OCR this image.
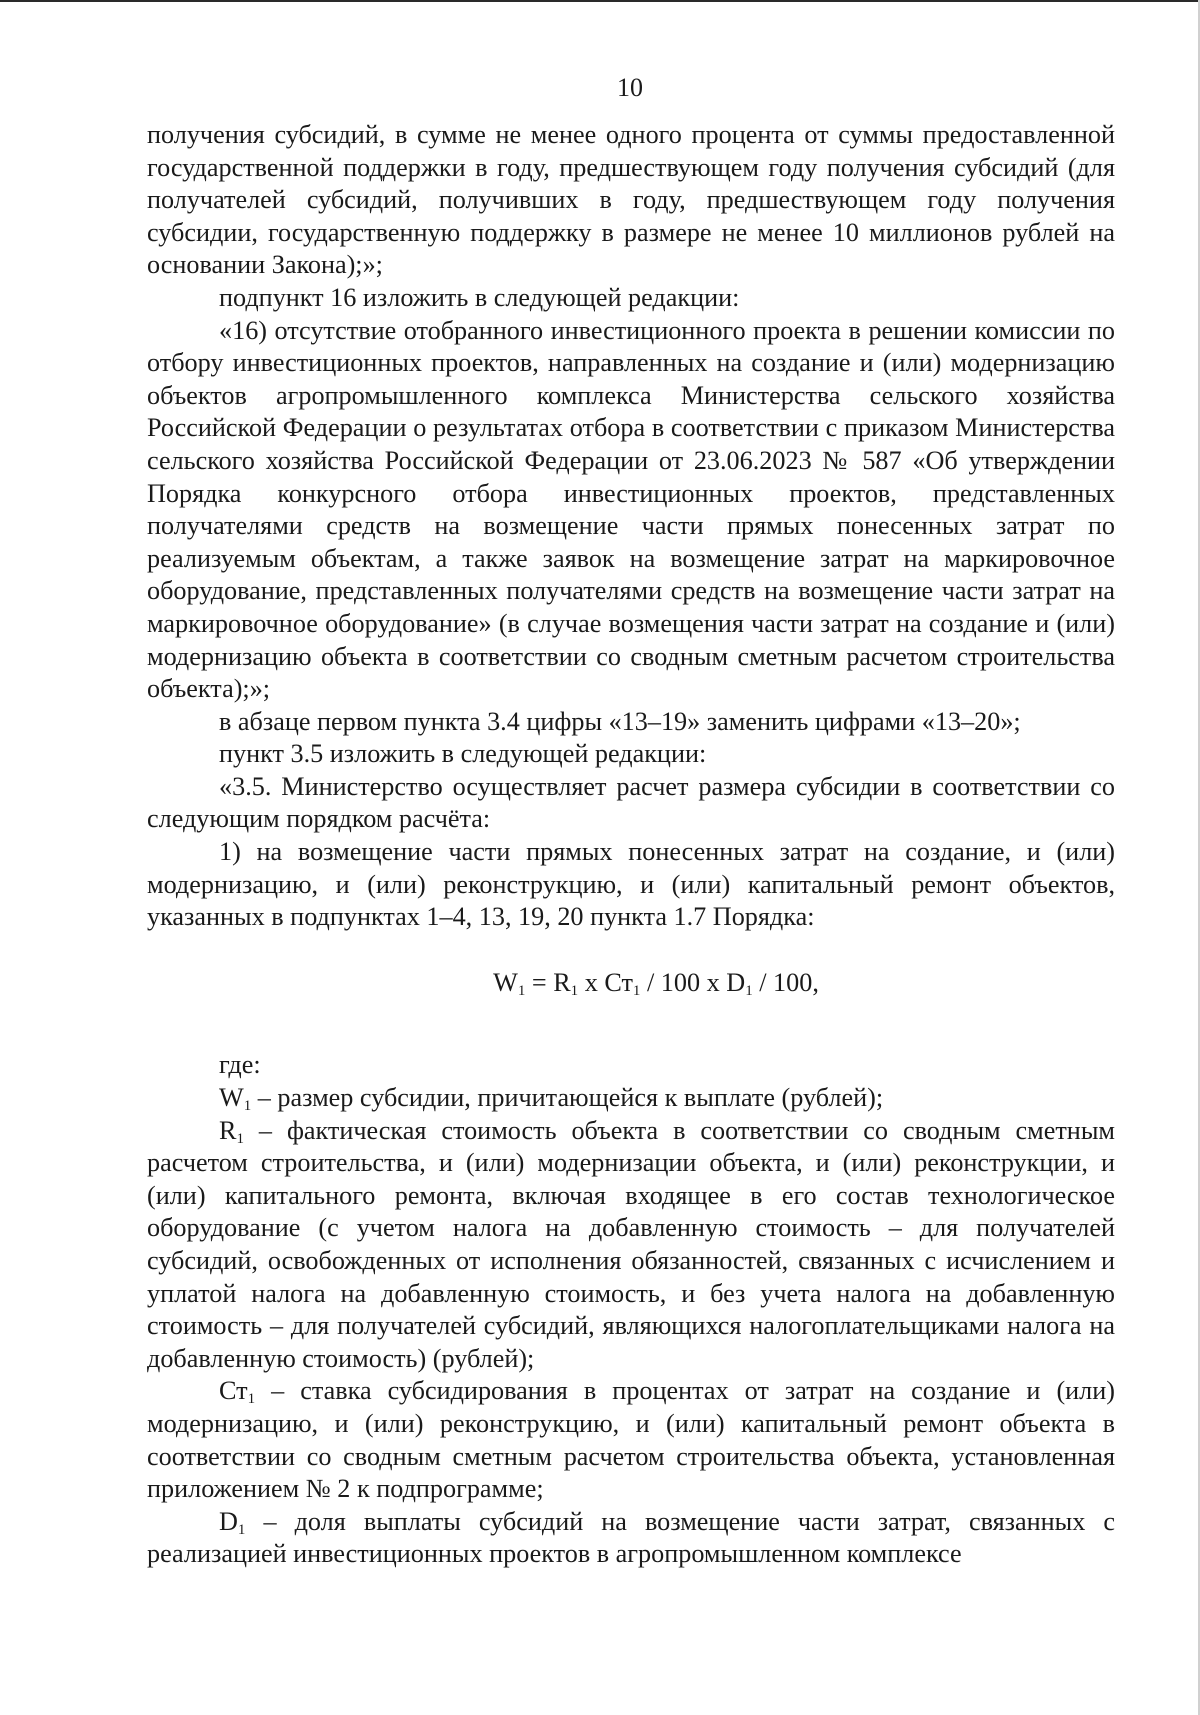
10

получения субсидий, в сумме не менее одного процента от суммы предоставленной государственной поддержки в году, предшествующем году получения субсидий (для получателей субсидий, получивших в году, предшествующем году получения субсидии, государственную поддержку в размере не менее 10 миллионов рублей на основании Закона);»;

подпункт 16 изложить в следующей редакции:

«16) отсутствие отобранного инвестиционного проекта в решении комиссии по отбору инвестиционных проектов, направленных на создание и (или) модернизацию объектов агропромышленного комплекса Министерства сельского хозяйства Российской Федерации о результатах отбора в соответствии с приказом Министерства сельского хозяйства Российской Федерации от 23.06.2023 № 587 «Об утверждении Порядка конкурсного отбора инвестиционных проектов, представленных получателями средств на возмещение части прямых понесенных затрат по реализуемым объектам, а также заявок на возмещение затрат на маркировочное оборудование, представленных получателями средств на возмещение части затрат на маркировочное оборудование» (в случае возмещения части затрат на создание и (или) модернизацию объекта в соответствии со сводным сметным расчетом строительства объекта);»;

в абзаце первом пункта 3.4 цифры «13–19» заменить цифрами «13–20»;

пункт 3.5 изложить в следующей редакции:

«3.5. Министерство осуществляет расчет размера субсидии в соответствии со следующим порядком расчёта:

1) на возмещение части прямых понесенных затрат на создание, и (или) модернизацию, и (или) реконструкцию, и (или) капитальный ремонт объектов, указанных в подпунктах 1–4, 13, 19, 20 пункта 1.7 Порядка:

$W_1 = R_1$ x $Ст_1 / 100$ x $D_1 / 100$,

где:

$W_1$ – размер субсидии, причитающейся к выплате (рублей);

$R_1$ – фактическая стоимость объекта в соответствии со сводным сметным расчетом строительства, и (или) модернизации объекта, и (или) реконструкции, и (или) капитального ремонта, включая входящее в его состав технологическое оборудование (с учетом налога на добавленную стоимость – для получателей субсидий, освобожденных от исполнения обязанностей, связанных с исчислением и уплатой налога на добавленную стоимость, и без учета налога на добавленную стоимость – для получателей субсидий, являющихся налогоплательщиками налога на добавленную стоимость) (рублей);

$Ст_1$ – ставка субсидирования в процентах от затрат на создание и (или) модернизацию, и (или) реконструкцию, и (или) капитальный ремонт объекта в соответствии со сводным сметным расчетом строительства объекта, установленная приложением № 2 к подпрограмме;

$D_1$ – доля выплаты субсидий на возмещение части затрат, связанных с реализацией инвестиционных проектов в агропромышленном комплексе
